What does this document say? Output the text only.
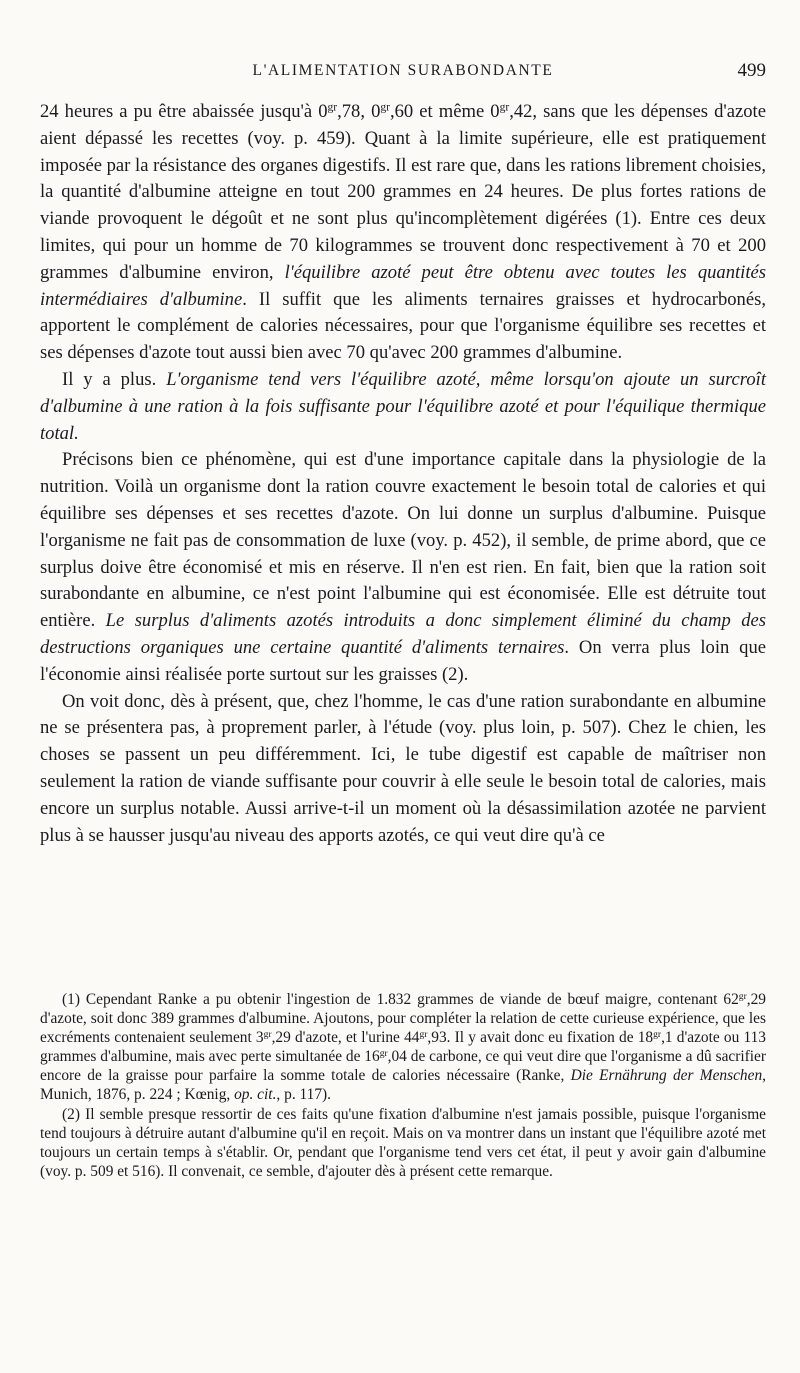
L'ALIMENTATION SURABONDANTE	499

24 heures a pu être abaissée jusqu'à $0^{gr},78$, $0^{gr},60$ et même $0^{gr},42$, sans que les dépenses d'azote aient dépassé les recettes (voy. p. 459). Quant à la limite supérieure, elle est pratiquement imposée par la résistance des organes digestifs. Il est rare que, dans les rations librement choisies, la quantité d'albumine atteigne en tout 200 grammes en 24 heures. De plus fortes rations de viande provoquent le dégoût et ne sont plus qu'incomplètement digérées (1). Entre ces deux limites, qui pour un homme de 70 kilogrammes se trouvent donc respectivement à 70 et 200 grammes d'albumine environ, l'équilibre azoté peut être obtenu avec toutes les quantités intermédiaires d'albumine. Il suffit que les aliments ternaires graisses et hydrocarbonés, apportent le complément de calories nécessaires, pour que l'organisme équilibre ses recettes et ses dépenses d'azote tout aussi bien avec 70 qu'avec 200 grammes d'albumine.

Il y a plus. L'organisme tend vers l'équilibre azoté, même lorsqu'on ajoute un surcroît d'albumine à une ration à la fois suffisante pour l'équilibre azoté et pour l'équilique thermique total.

Précisons bien ce phénomène, qui est d'une importance capitale dans la physiologie de la nutrition. Voilà un organisme dont la ration couvre exactement le besoin total de calories et qui équilibre ses dépenses et ses recettes d'azote. On lui donne un surplus d'albumine. Puisque l'organisme ne fait pas de consommation de luxe (voy. p. 452), il semble, de prime abord, que ce surplus doive être économisé et mis en réserve. Il n'en est rien. En fait, bien que la ration soit surabondante en albumine, ce n'est point l'albumine qui est économisée. Elle est détruite tout entière. Le surplus d'aliments azotés introduits a donc simplement éliminé du champ des destructions organiques une certaine quantité d'aliments ternaires. On verra plus loin que l'économie ainsi réalisée porte surtout sur les graisses (2).

On voit donc, dès à présent, que, chez l'homme, le cas d'une ration surabondante en albumine ne se présentera pas, à proprement parler, à l'étude (voy. plus loin, p. 507). Chez le chien, les choses se passent un peu différemment. Ici, le tube digestif est capable de maîtriser non seulement la ration de viande suffisante pour couvrir à elle seule le besoin total de calories, mais encore un surplus notable. Aussi arrive-t-il un moment où la désassimilation azotée ne parvient plus à se hausser jusqu'au niveau des apports azotés, ce qui veut dire qu'à ce

(1) Cependant Ranke a pu obtenir l'ingestion de 1.832 grammes de viande de bœuf maigre, contenant $62^{gr},29$ d'azote, soit donc 389 grammes d'albumine. Ajoutons, pour compléter la relation de cette curieuse expérience, que les excréments contenaient seulement $3^{gr},29$ d'azote, et l'urine $44^{gr},93$. Il y avait donc eu fixation de $18^{gr},1$ d'azote ou 113 grammes d'albumine, mais avec perte simultanée de $16^{gr},04$ de carbone, ce qui veut dire que l'organisme a dû sacrifier encore de la graisse pour parfaire la somme totale de calories nécessaire (Ranke, Die Ernährung der Menschen, Munich, 1876, p. 224 ; Kœnig, op. cit., p. 117).

(2) Il semble presque ressortir de ces faits qu'une fixation d'albumine n'est jamais possible, puisque l'organisme tend toujours à détruire autant d'albumine qu'il en reçoit. Mais on va montrer dans un instant que l'équilibre azoté met toujours un certain temps à s'établir. Or, pendant que l'organisme tend vers cet état, il peut y avoir gain d'albumine (voy. p. 509 et 516). Il convenait, ce semble, d'ajouter dès à présent cette remarque.
